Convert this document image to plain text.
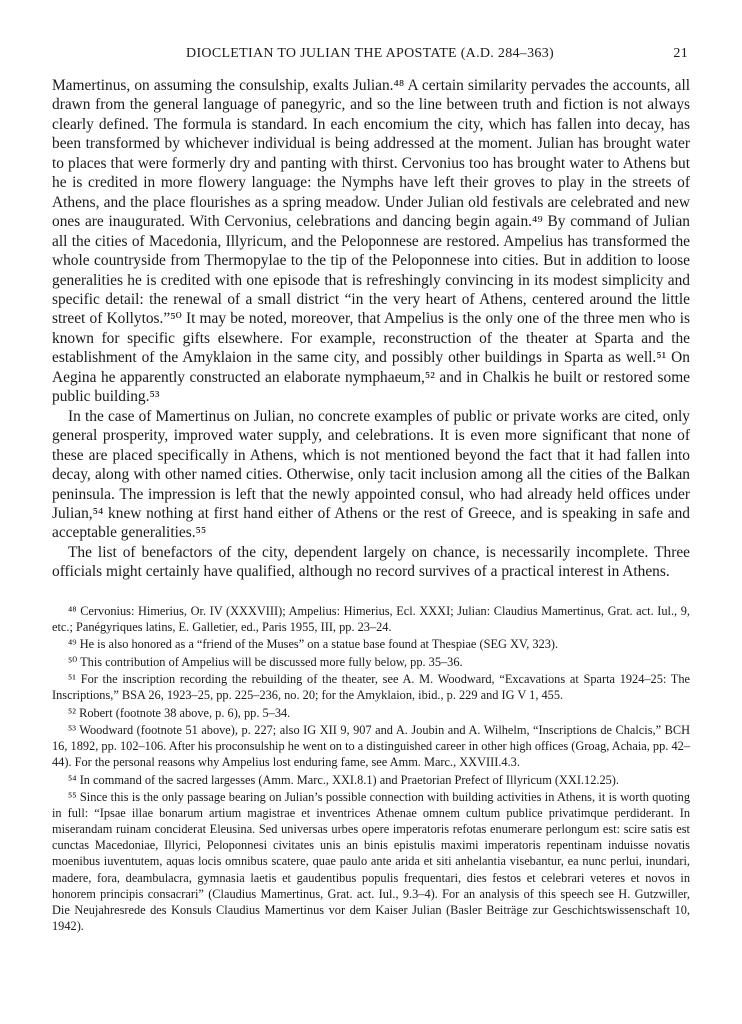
DIOCLETIAN TO JULIAN THE APOSTATE (A.D. 284–363)	21

Mamertinus, on assuming the consulship, exalts Julian.⁴⁸ A certain similarity pervades the accounts, all drawn from the general language of panegyric, and so the line between truth and fiction is not always clearly defined. The formula is standard. In each encomium the city, which has fallen into decay, has been transformed by whichever individual is being addressed at the moment. Julian has brought water to places that were formerly dry and panting with thirst. Cervonius too has brought water to Athens but he is credited in more flowery language: the Nymphs have left their groves to play in the streets of Athens, and the place flourishes as a spring meadow. Under Julian old festivals are celebrated and new ones are inaugurated. With Cervonius, celebrations and dancing begin again.⁴⁹ By command of Julian all the cities of Macedonia, Illyricum, and the Peloponnese are restored. Ampelius has transformed the whole countryside from Thermopylae to the tip of the Peloponnese into cities. But in addition to loose generalities he is credited with one episode that is refreshingly convincing in its modest simplicity and specific detail: the renewal of a small district “in the very heart of Athens, centered around the little street of Kollytos.”⁵⁰ It may be noted, moreover, that Ampelius is the only one of the three men who is known for specific gifts elsewhere. For example, reconstruction of the theater at Sparta and the establishment of the Amyklaion in the same city, and possibly other buildings in Sparta as well.⁵¹ On Aegina he apparently constructed an elaborate nymphaeum,⁵² and in Chalkis he built or restored some public building.⁵³

In the case of Mamertinus on Julian, no concrete examples of public or private works are cited, only general prosperity, improved water supply, and celebrations. It is even more significant that none of these are placed specifically in Athens, which is not mentioned beyond the fact that it had fallen into decay, along with other named cities. Otherwise, only tacit inclusion among all the cities of the Balkan peninsula. The impression is left that the newly appointed consul, who had already held offices under Julian,⁵⁴ knew nothing at first hand either of Athens or the rest of Greece, and is speaking in safe and acceptable generalities.⁵⁵

The list of benefactors of the city, dependent largely on chance, is necessarily incomplete. Three officials might certainly have qualified, although no record survives of a practical interest in Athens.

⁴⁸ Cervonius: Himerius, Or. IV (XXXVIII); Ampelius: Himerius, Ecl. XXXI; Julian: Claudius Mamertinus, Grat. act. Iul., 9, etc.; Panégyriques latins, E. Galletier, ed., Paris 1955, III, pp. 23–24.

⁴⁹ He is also honored as a “friend of the Muses” on a statue base found at Thespiae (SEG XV, 323).

⁵⁰ This contribution of Ampelius will be discussed more fully below, pp. 35–36.

⁵¹ For the inscription recording the rebuilding of the theater, see A. M. Woodward, “Excavations at Sparta 1924–25: The Inscriptions,” BSA 26, 1923–25, pp. 225–236, no. 20; for the Amyklaion, ibid., p. 229 and IG V 1, 455.

⁵² Robert (footnote 38 above, p. 6), pp. 5–34.

⁵³ Woodward (footnote 51 above), p. 227; also IG XII 9, 907 and A. Joubin and A. Wilhelm, “Inscriptions de Chalcis,” BCH 16, 1892, pp. 102–106. After his proconsulship he went on to a distinguished career in other high offices (Groag, Achaia, pp. 42–44). For the personal reasons why Ampelius lost enduring fame, see Amm. Marc., XXVIII.4.3.

⁵⁴ In command of the sacred largesses (Amm. Marc., XXI.8.1) and Praetorian Prefect of Illyricum (XXI.12.25).

⁵⁵ Since this is the only passage bearing on Julian’s possible connection with building activities in Athens, it is worth quoting in full: “Ipsae illae bonarum artium magistrae et inventrices Athenae omnem cultum publice privatimque perdiderant. In miserandam ruinam conciderat Eleusina. Sed universas urbes opere imperatoris refotas enumerare perlongum est: scire satis est cunctas Macedoniae, Illyrici, Peloponnesi civitates unis an binis epistulis maximi imperatoris repentinam induisse novatis moenibus iuventutem, aquas locis omnibus scatere, quae paulo ante arida et siti anhelantia visebantur, ea nunc perlui, inundari, madere, fora, deambulacra, gymnasia laetis et gaudentibus populis frequentari, dies festos et celebrari veteres et novos in honorem principis consacrari” (Claudius Mamertinus, Grat. act. Iul., 9.3–4). For an analysis of this speech see H. Gutzwiller, Die Neujahresrede des Konsuls Claudius Mamertinus vor dem Kaiser Julian (Basler Beiträge zur Geschichtswissenschaft 10, 1942).
